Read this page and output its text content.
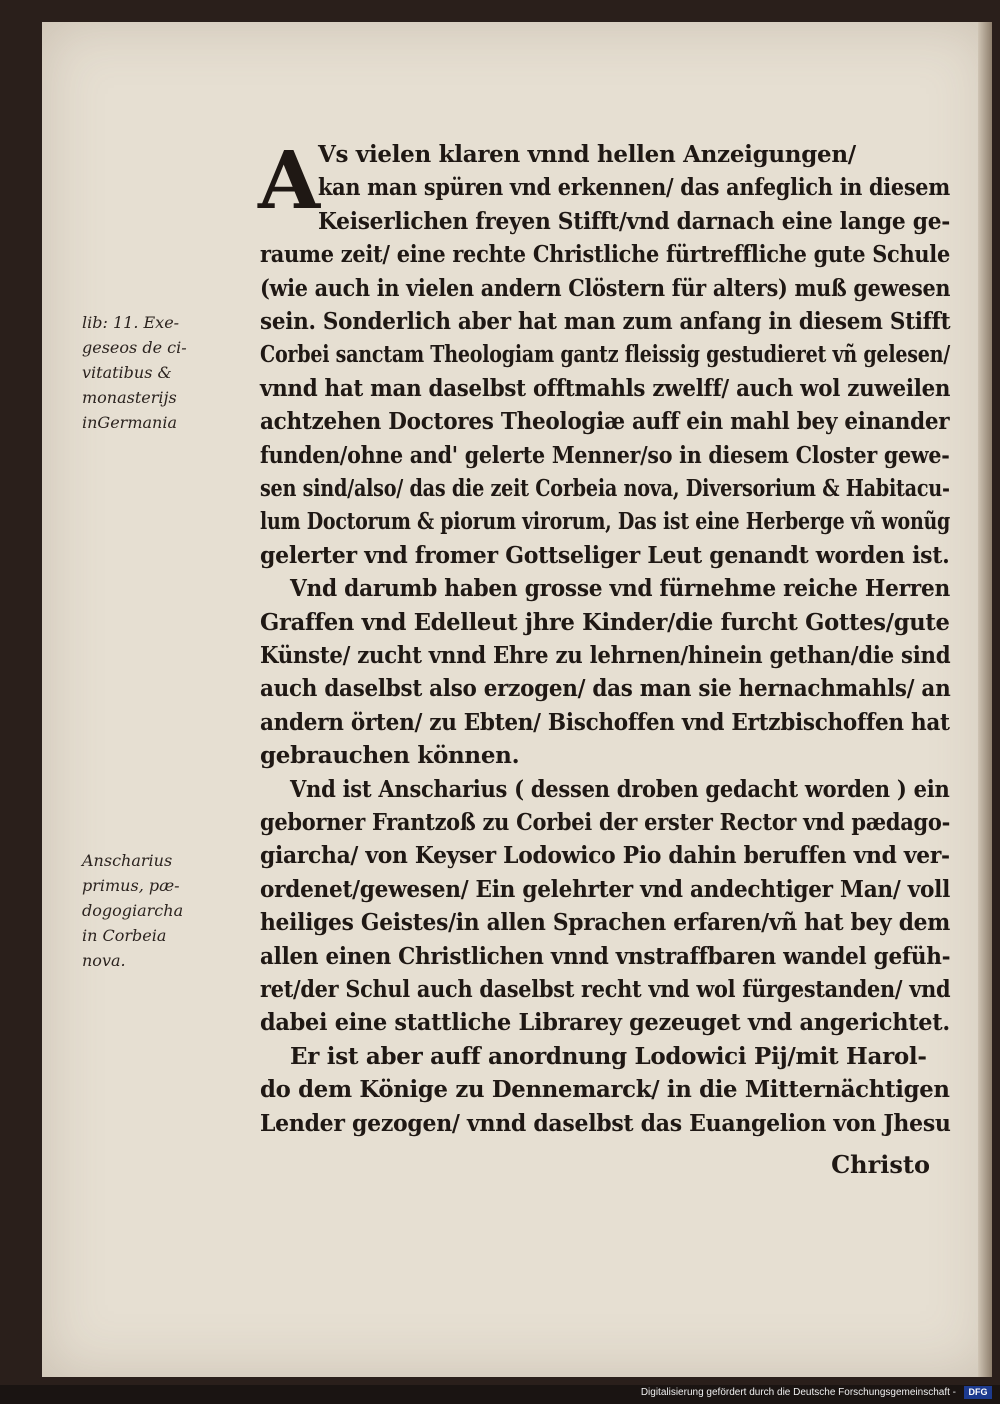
lib: 11. Exe-
geseos de ci-
vitatibus &
monasterijs
inGermania
Anscharius
primus, pæ-
dogogiarcha
in Corbeia
nova.
A
Vs vielen klaren vnnd hellen Anzeigungen/
kan man spüren vnd erkennen/ das anfeglich in diesem
Keiserlichen freyen Stifft/vnd darnach eine lange ge-
raume zeit/ eine rechte Christliche fürtreffliche gute Schule
(wie auch in vielen andern Clöstern für alters) muß gewesen
sein. Sonderlich aber hat man zum anfang in diesem Stifft
Corbei sanctam Theologiam gantz fleissig gestudieret vñ gelesen/
vnnd hat man daselbst offtmahls zwelff/ auch wol zuweilen
achtzehen Doctores Theologiæ auff ein mahl bey einander
funden/ohne and' gelerte Menner/so in diesem Closter gewe-
sen sind/also/ das die zeit Corbeia nova, Diversorium & Habitacu-
lum Doctorum & piorum virorum, Das ist eine Herberge vñ wonũg
gelerter vnd fromer Gottseliger Leut genandt worden ist.
Vnd darumb haben grosse vnd fürnehme reiche Herren
Graffen vnd Edelleut jhre Kinder/die furcht Gottes/gute
Künste/ zucht vnnd Ehre zu lehrnen/hinein gethan/die sind
auch daselbst also erzogen/ das man sie hernachmahls/ an
andern örten/ zu Ebten/ Bischoffen vnd Ertzbischoffen hat
gebrauchen können.
Vnd ist Anscharius ( dessen droben gedacht worden ) ein
geborner Frantzoß zu Corbei der erster Rector vnd pædago-
giarcha/ von Keyser Lodowico Pio dahin beruffen vnd ver-
ordenet/gewesen/ Ein gelehrter vnd andechtiger Man/ voll
heiliges Geistes/in allen Sprachen erfaren/vñ hat bey dem
allen einen Christlichen vnnd vnstraffbaren wandel gefüh-
ret/der Schul auch daselbst recht vnd wol fürgestanden/ vnd
dabei eine stattliche Librarey gezeuget vnd angerichtet.
Er ist aber auff anordnung Lodowici Pij/mit Harol-
do dem Könige zu Dennemarck/ in die Mitternächtigen
Lender gezogen/ vnnd daselbst das Euangelion von Jhesu
Christo
Digitalisierung gefördert durch die Deutsche Forschungsgemeinschaft -	DFG
